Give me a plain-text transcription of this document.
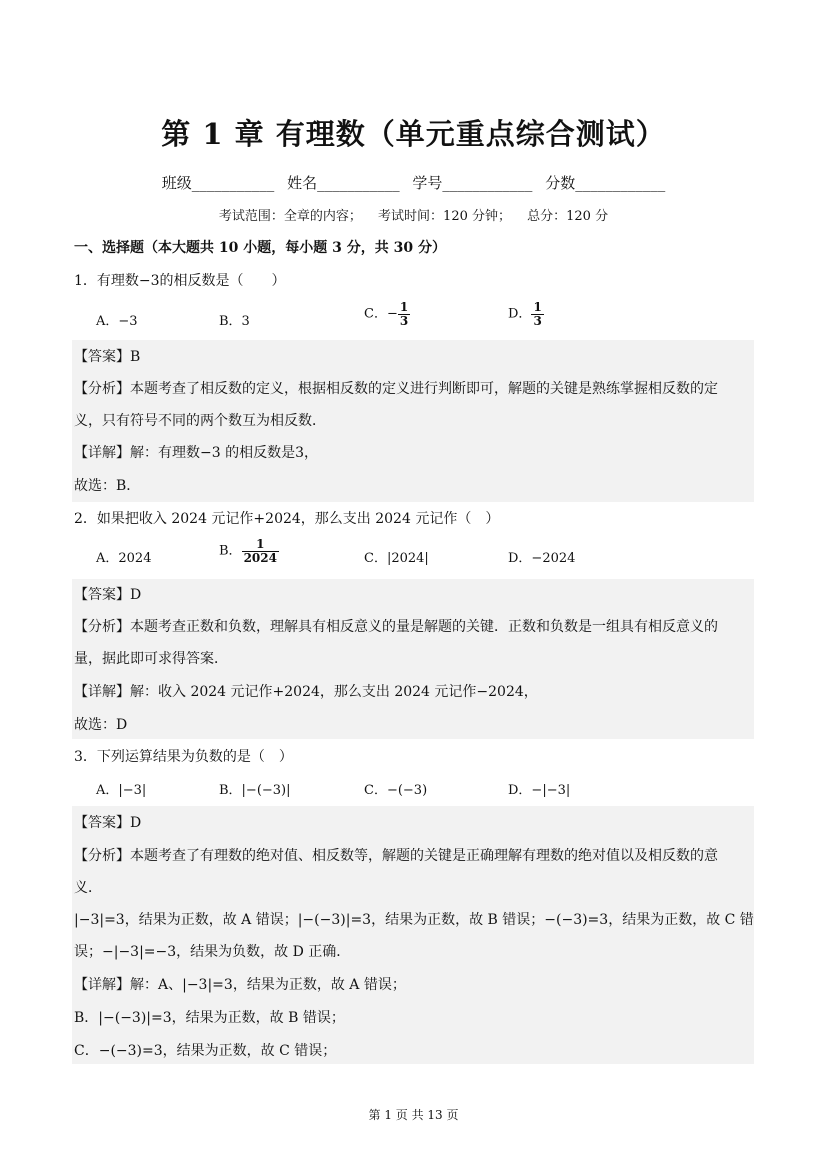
第 1 章 有理数（单元重点综合测试）
班级___________ 姓名___________ 学号____________ 分数____________
考试范围：全章的内容； 考试时间：120 分钟； 总分：120 分
一、选择题（本大题共 10 小题，每小题 3 分，共 30 分）
1．有理数−3的相反数是（　　）
A．−3	B．3	C．− $\frac{1}{3}$	D． $\frac{1}{3}$
【答案】B
【分析】本题考查了相反数的定义，根据相反数的定义进行判断即可，解题的关键是熟练掌握相反数的定
义，只有符号不同的两个数互为相反数．
【详解】解：有理数−3 的相反数是3，
故选：B．
2．如果把收入 2024 元记作+2024，那么支出 2024 元记作（　）
A．2024	B． $\frac{1}{2024}$	C．|2024|	D．−2024
【答案】D
【分析】本题考查正数和负数，理解具有相反意义的量是解题的关键．正数和负数是一组具有相反意义的
量，据此即可求得答案．
【详解】解：收入 2024 元记作+2024，那么支出 2024 元记作−2024，
故选：D
3．下列运算结果为负数的是（　）
A．|−3|	B．|−(−3)|	C．−(−3)	D．−|−3|
【答案】D
【分析】本题考查了有理数的绝对值、相反数等，解题的关键是正确理解有理数的绝对值以及相反数的意
义．
|−3|=3，结果为正数，故 A 错误；|−(−3)|=3，结果为正数，故 B 错误；−(−3)=3，结果为正数，故 C 错
误；−|−3|=−3，结果为负数，故 D 正确．
【详解】解：A、|−3|=3，结果为正数，故 A 错误；
B．|−(−3)|=3，结果为正数，故 B 错误；
C．−(−3)=3，结果为正数，故 C 错误；
第 1 页 共 13 页
